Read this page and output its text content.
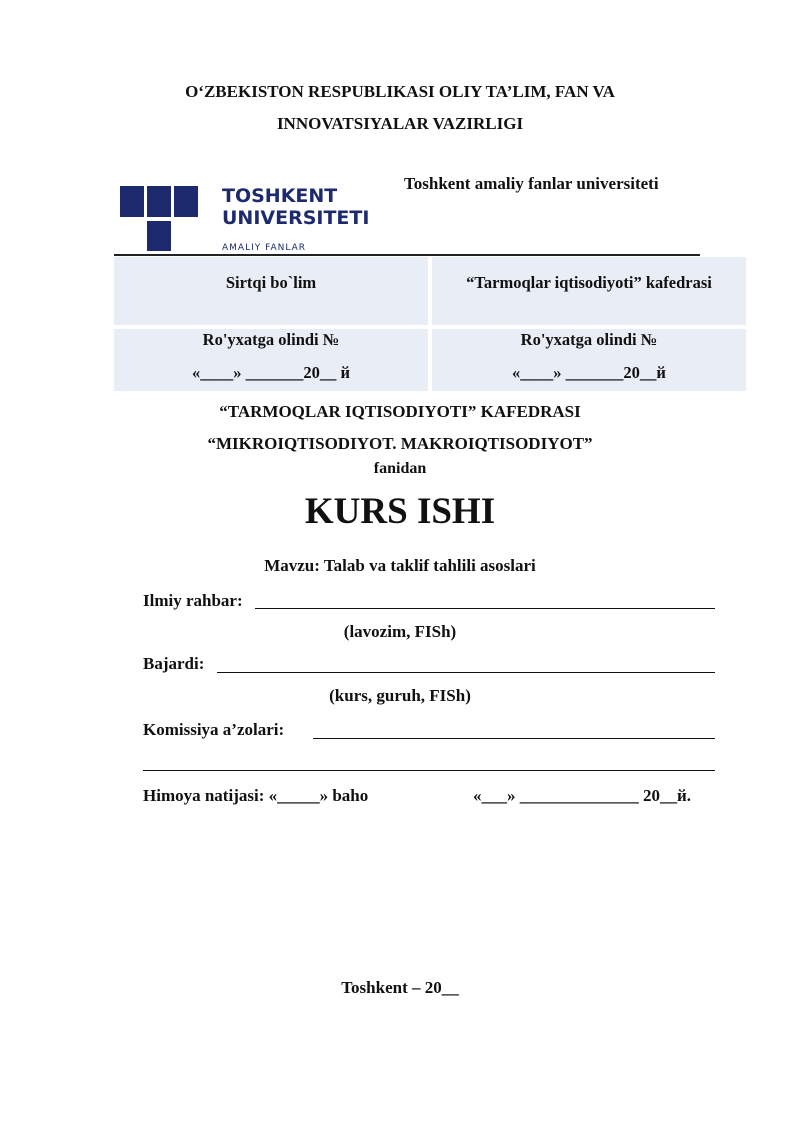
O‘ZBEKISTON RESPUBLIKASI OLIY TA’LIM, FAN VA
INNOVATSIYALAR VAZIRLIGI
TOSHKENT
UNIVERSITETI
AMALIY FANLAR
Toshkent amaliy fanlar universiteti
Sirtqi bo`lim	“Tarmoqlar iqtisodiyoti” kafedrasi
Ro'yxatga olindi №
«____» _______20__ й
Ro'yxatga olindi №
«____» _______20__й
“TARMOQLAR IQTISODIYOTI” KAFEDRASI
“MIKROIQTISODIYOT. MAKROIQTISODIYOT”
fanidan
KURS ISHI
Mavzu: Talab va taklif tahlili asoslari
Ilmiy rahbar:
(lavozim, FISh)
Bajardi:
(kurs, guruh, FISh)
Komissiya a’zolari:
Himoya natijasi: «_____» baho	«___» ______________ 20__й.
Toshkent – 20__
